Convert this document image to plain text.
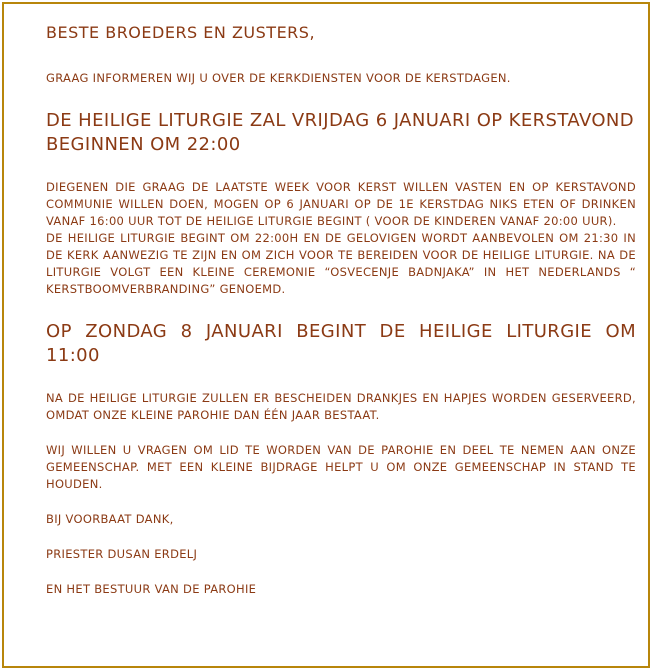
BESTE BROEDERS EN ZUSTERS,

GRAAG INFORMEREN WIJ U OVER DE KERKDIENSTEN VOOR DE KERSTDAGEN.

DE HEILIGE LITURGIE ZAL VRIJDAG 6 JANUARI OP KERSTAVOND BEGINNEN OM 22:00

DIEGENEN DIE GRAAG DE LAATSTE WEEK VOOR KERST WILLEN VASTEN EN OP KERSTAVOND COMMUNIE WILLEN DOEN, MOGEN OP 6 JANUARI OP DE 1E KERSTDAG NIKS ETEN OF DRINKEN VANAF 16:00 UUR TOT DE HEILIGE LITURGIE BEGINT ( VOOR DE KINDEREN VANAF 20:00 UUR).

DE HEILIGE LITURGIE BEGINT OM 22:00H EN DE GELOVIGEN WORDT AANBEVOLEN OM 21:30 IN DE KERK AANWEZIG TE ZIJN EN OM ZICH VOOR TE BEREIDEN VOOR DE HEILIGE LITURGIE. NA DE LITURGIE VOLGT EEN KLEINE CEREMONIE “OSVECENJE BADNJAKA” IN HET NEDERLANDS “ KERSTBOOMVERBRANDING” GENOEMD.

OP ZONDAG 8 JANUARI BEGINT DE HEILIGE LITURGIE OM 11:00

NA DE HEILIGE LITURGIE ZULLEN ER BESCHEIDEN DRANKJES EN HAPJES WORDEN GESERVEERD, OMDAT ONZE KLEINE PAROHIE DAN ÉÉN JAAR BESTAAT.

WIJ WILLEN U VRAGEN OM LID TE WORDEN VAN DE PAROHIE EN DEEL TE NEMEN AAN ONZE GEMEENSCHAP. MET EEN KLEINE BIJDRAGE HELPT U OM ONZE GEMEENSCHAP IN STAND TE HOUDEN.

BIJ VOORBAAT DANK,

PRIESTER DUSAN ERDELJ

EN HET BESTUUR VAN DE PAROHIE
